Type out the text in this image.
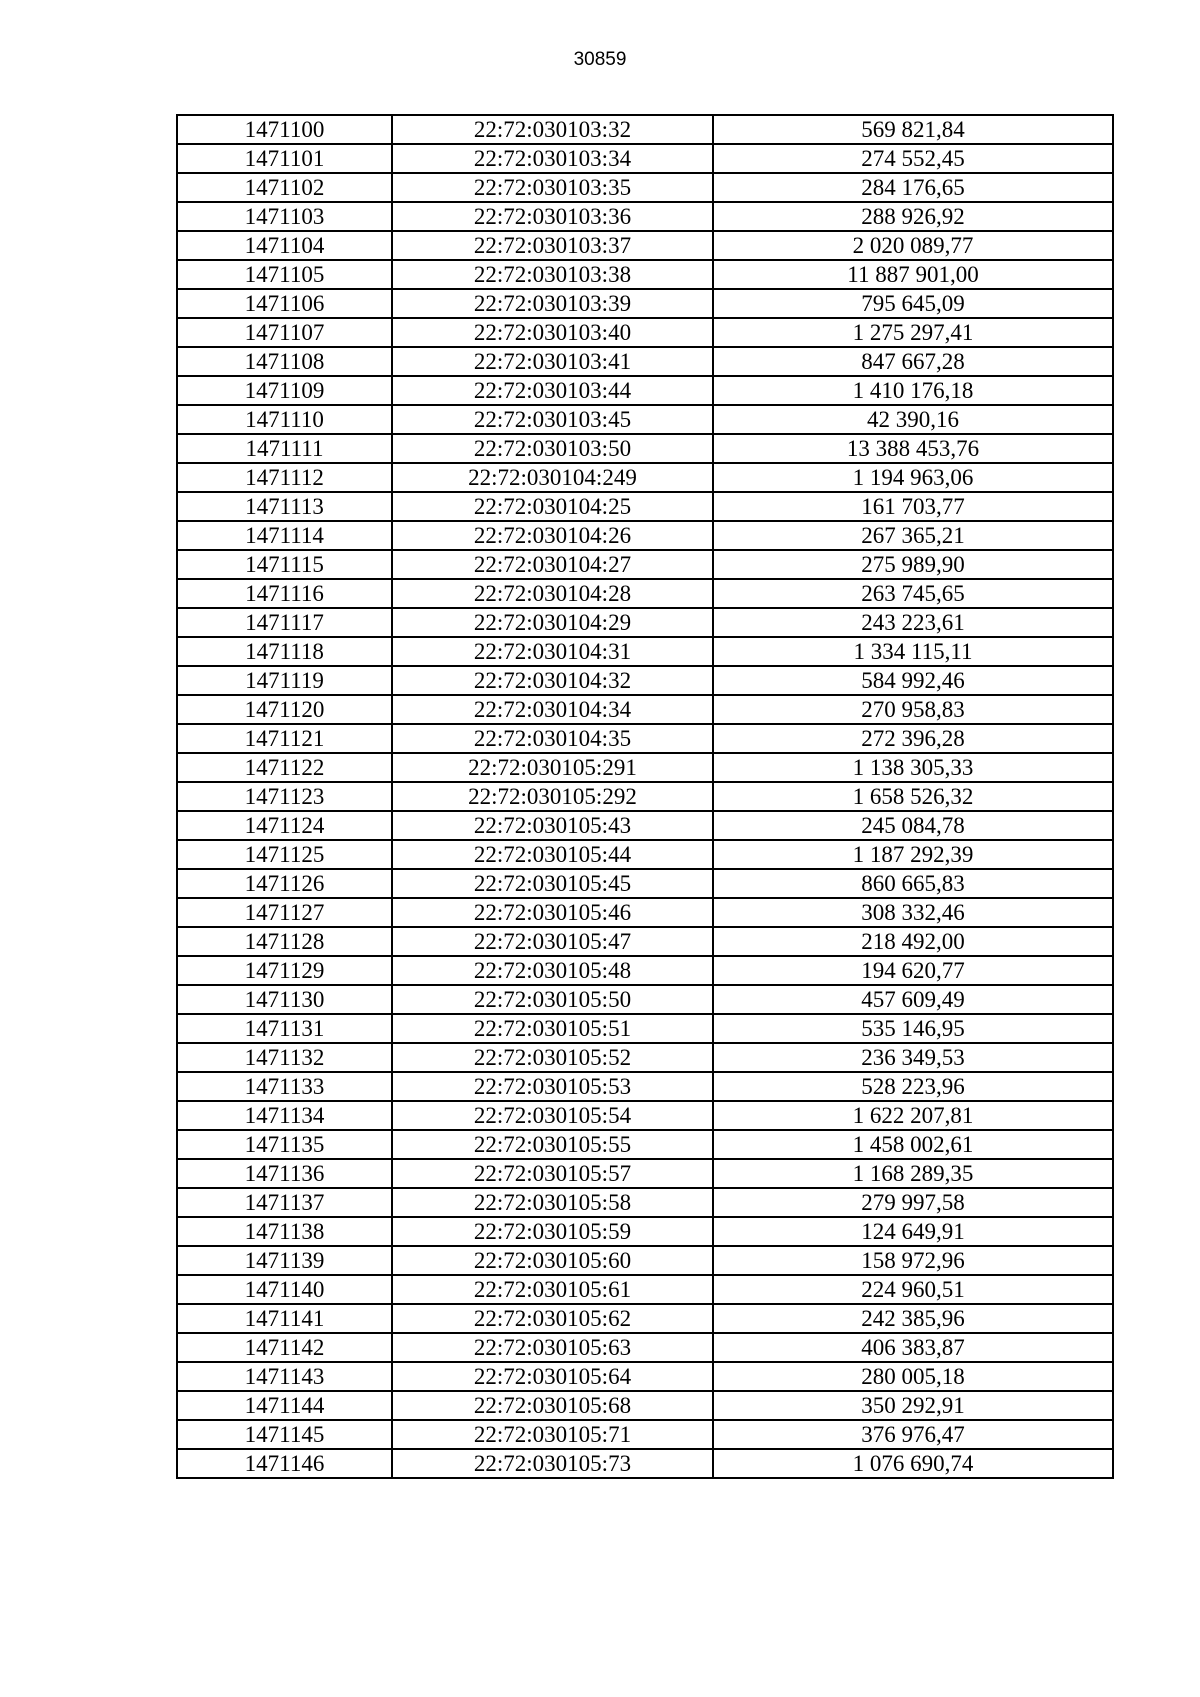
30859
1471100	22:72:030103:32	569 821,84
1471101	22:72:030103:34	274 552,45
1471102	22:72:030103:35	284 176,65
1471103	22:72:030103:36	288 926,92
1471104	22:72:030103:37	2 020 089,77
1471105	22:72:030103:38	11 887 901,00
1471106	22:72:030103:39	795 645,09
1471107	22:72:030103:40	1 275 297,41
1471108	22:72:030103:41	847 667,28
1471109	22:72:030103:44	1 410 176,18
1471110	22:72:030103:45	42 390,16
1471111	22:72:030103:50	13 388 453,76
1471112	22:72:030104:249	1 194 963,06
1471113	22:72:030104:25	161 703,77
1471114	22:72:030104:26	267 365,21
1471115	22:72:030104:27	275 989,90
1471116	22:72:030104:28	263 745,65
1471117	22:72:030104:29	243 223,61
1471118	22:72:030104:31	1 334 115,11
1471119	22:72:030104:32	584 992,46
1471120	22:72:030104:34	270 958,83
1471121	22:72:030104:35	272 396,28
1471122	22:72:030105:291	1 138 305,33
1471123	22:72:030105:292	1 658 526,32
1471124	22:72:030105:43	245 084,78
1471125	22:72:030105:44	1 187 292,39
1471126	22:72:030105:45	860 665,83
1471127	22:72:030105:46	308 332,46
1471128	22:72:030105:47	218 492,00
1471129	22:72:030105:48	194 620,77
1471130	22:72:030105:50	457 609,49
1471131	22:72:030105:51	535 146,95
1471132	22:72:030105:52	236 349,53
1471133	22:72:030105:53	528 223,96
1471134	22:72:030105:54	1 622 207,81
1471135	22:72:030105:55	1 458 002,61
1471136	22:72:030105:57	1 168 289,35
1471137	22:72:030105:58	279 997,58
1471138	22:72:030105:59	124 649,91
1471139	22:72:030105:60	158 972,96
1471140	22:72:030105:61	224 960,51
1471141	22:72:030105:62	242 385,96
1471142	22:72:030105:63	406 383,87
1471143	22:72:030105:64	280 005,18
1471144	22:72:030105:68	350 292,91
1471145	22:72:030105:71	376 976,47
1471146	22:72:030105:73	1 076 690,74
